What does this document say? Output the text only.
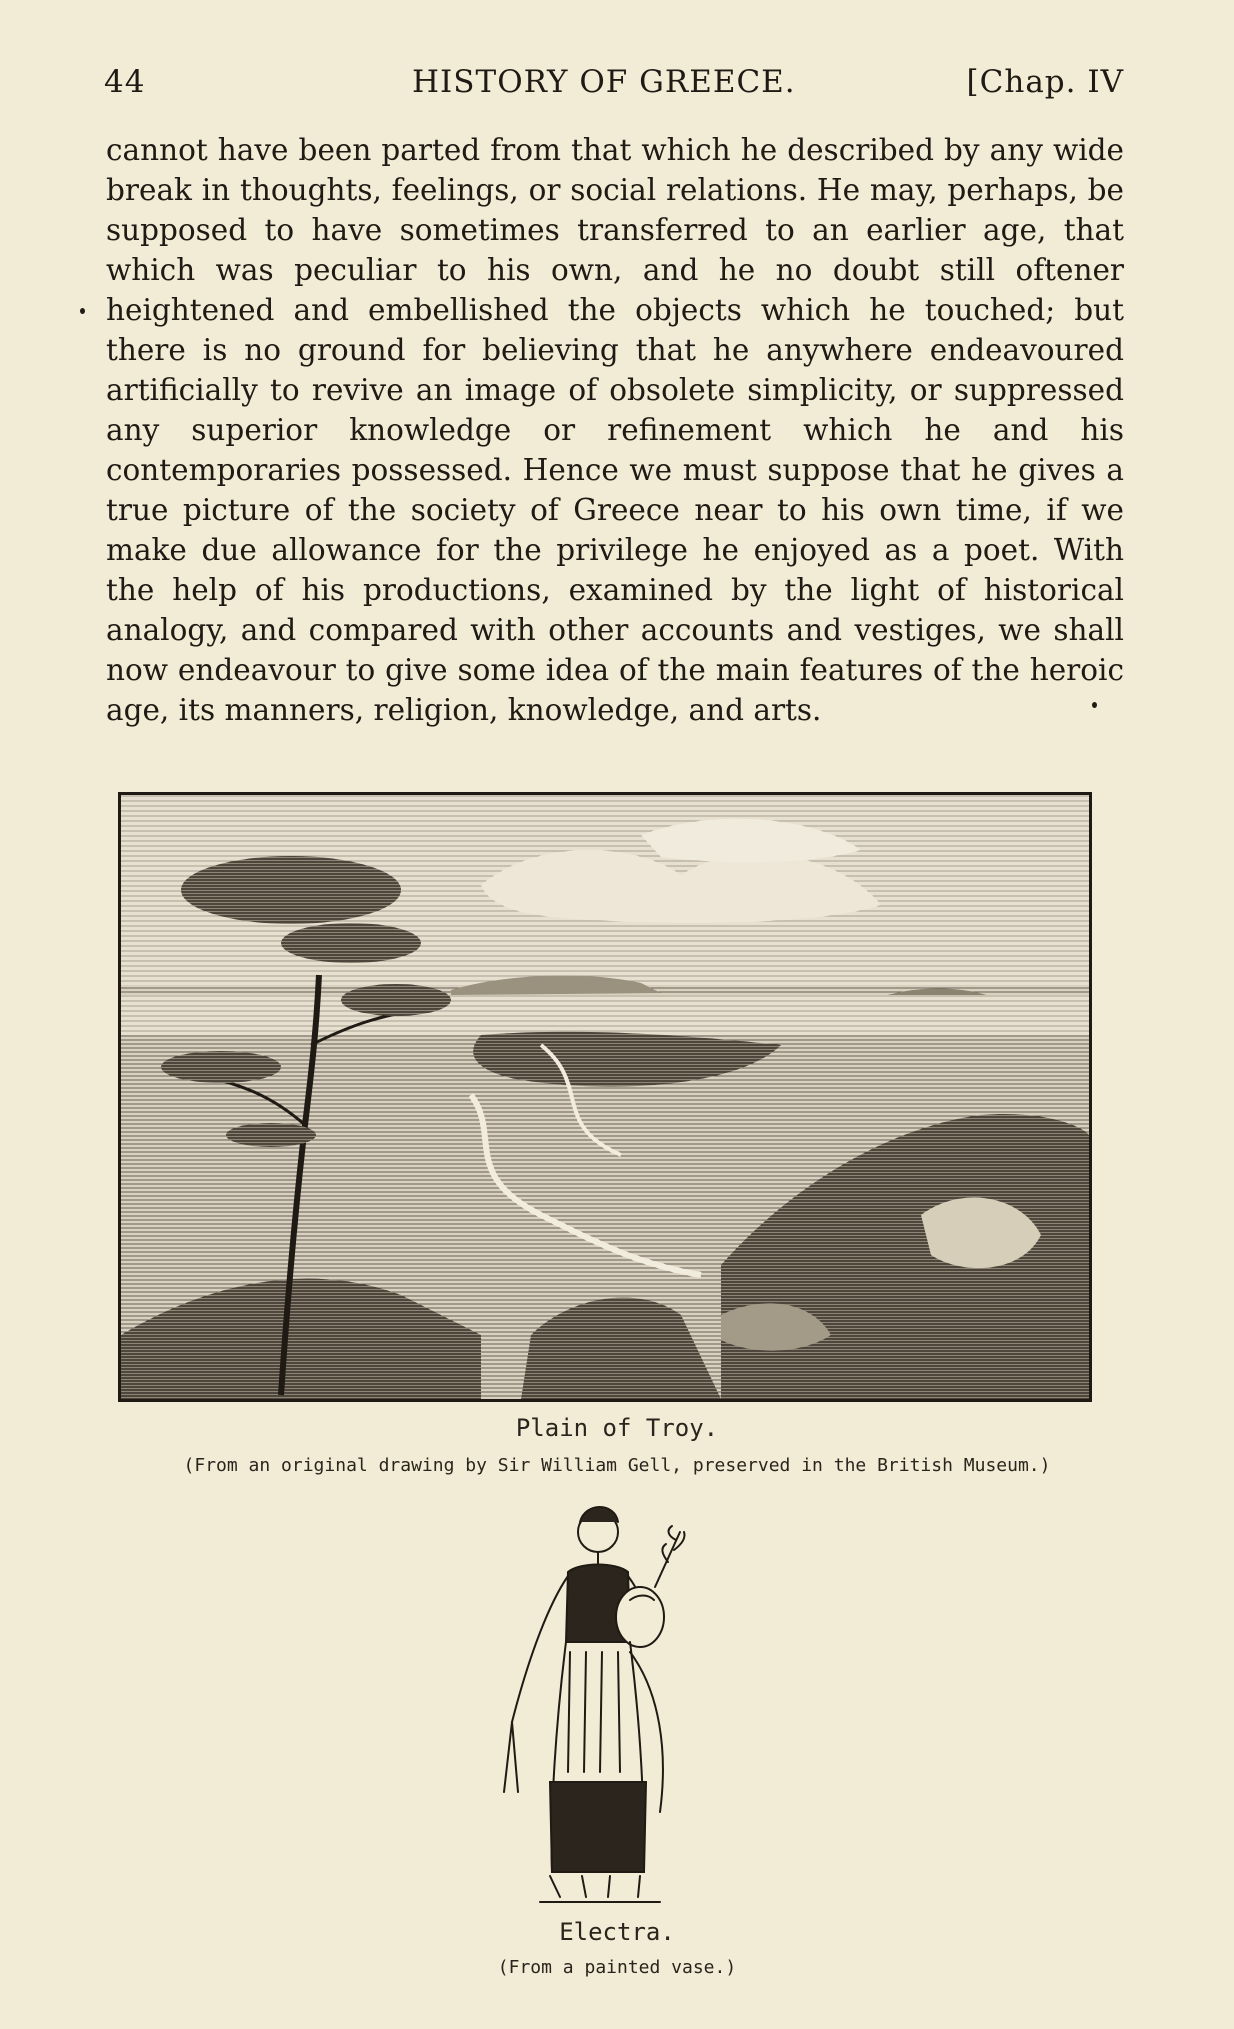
44	HISTORY OF GREECE.	[Chap. IV
cannot have been parted from that which he described by any wide break in thoughts, feelings, or social relations. He may, perhaps, be supposed to have sometimes transferred to an earlier age, that which was peculiar to his own, and he no doubt still oftener heightened and embellished the objects which he touched; but there is no ground for believing that he anywhere endeavoured artificially to revive an image of obsolete simplicity, or suppressed any superior knowledge or refinement which he and his contemporaries possessed. Hence we must suppose that he gives a true picture of the society of Greece near to his own time, if we make due allowance for the privilege he enjoyed as a poet. With the help of his productions, examined by the light of historical analogy, and compared with other accounts and vestiges, we shall now endeavour to give some idea of the main features of the heroic age, its manners, religion, knowledge, and arts.
Plain of Troy.
(From an original drawing by Sir William Gell, preserved in the British Museum.)
Electra.
(From a painted vase.)
